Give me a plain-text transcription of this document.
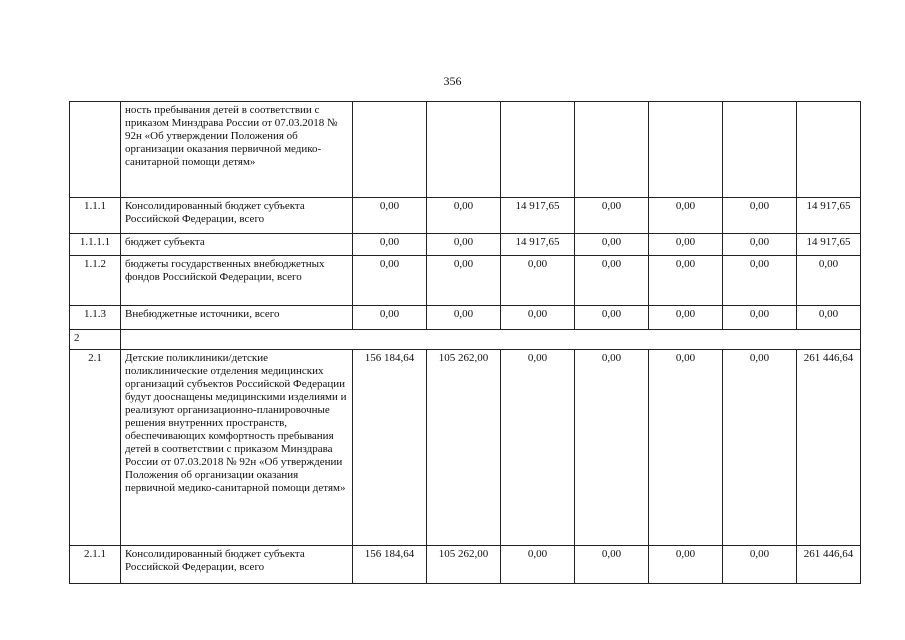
356
	ность пребывания детей в соответствии с приказом Минздрава России от 07.03.2018 № 92н «Об утверждении Положения об организации оказания первичной медико-санитарной помощи детям»							
1.1.1	Консолидированный бюджет субъекта Российской Федерации, всего	0,00	0,00	14 917,65	0,00	0,00	0,00	14 917,65
1.1.1.1	бюджет субъекта	0,00	0,00	14 917,65	0,00	0,00	0,00	14 917,65
1.1.2	бюджеты государственных внебюджетных фондов Российской Федерации, всего	0,00	0,00	0,00	0,00	0,00	0,00	0,00
1.1.3	Внебюджетные источники, всего	0,00	0,00	0,00	0,00	0,00	0,00	0,00
2								
2.1	Детские поликлиники/детские поликлинические отделения медицинских организаций субъектов Российской Федерации будут дооснащены медицинскими изделиями и реализуют организационно-планировочные решения внутренних пространств, обеспечивающих комфортность пребывания детей в соответствии с приказом Минздрава России от 07.03.2018 № 92н «Об утверждении Положения об организации оказания первичной медико-санитарной помощи детям»	156 184,64	105 262,00	0,00	0,00	0,00	0,00	261 446,64
2.1.1	Консолидированный бюджет субъекта Российской Федерации, всего	156 184,64	105 262,00	0,00	0,00	0,00	0,00	261 446,64
